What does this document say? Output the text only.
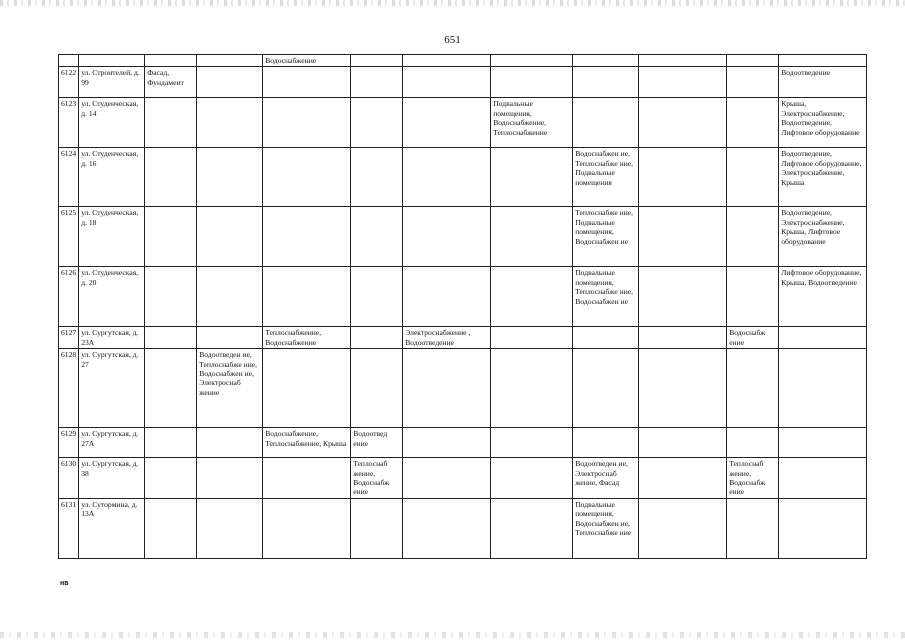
651
				Водоснабжение							
6122	ул. Строителей, д. 99	Фасад, Фундамент									Водоотведение
6123	ул. Студенческая, д. 14						Подвальные помещения, Водоснабжение, Теплоснабжение				Крыша, Электроснабжение, Водоотведение, Лифтовое оборудование
6124	ул. Студенческая, д. 16							Водоснабжен ие, Теплоснабже ние, Подвальные помещения			Водоотведение, Лифтовое оборудование, Электроснабжение, Крыша
6125	ул. Студенческая, д. 18							Теплоснабже ние, Подвальные помещения, Водоснабжен ие			Водоотведение, Электроснабжение, Крыша, Лифтовое оборудование
6126	ул. Студенческая, д. 20							Подвальные помещения, Теплоснабже ние, Водоснабжен ие			Лифтовое оборудование, Крыша, Водоотведение
6127	ул. Сургутская, д. 23А			Теплоснабжение, Водоснабжение		Электроснабжение , Водоотведение				Водоснабж ение	
6128	ул. Сургутская, д. 27		Водоотведен ие, Теплоснабже ние, Водоснабжен ие, Электроснаб жение								
6129	ул. Сургутская, д. 27А			Водоснабжение, Теплоснабжение, Крыша	Водоотвед ение						
6130	ул. Сургутская, д. 38				Теплоснаб жение, Водоснабж ение			Водоотведен ие, Электроснаб жение, Фасад		Теплоснаб жение, Водоснабж ение	
6131	ул. Сутормина, д. 13А							Подвальные помещения, Водоснабжен ие, Теплоснабже ние			
нв
